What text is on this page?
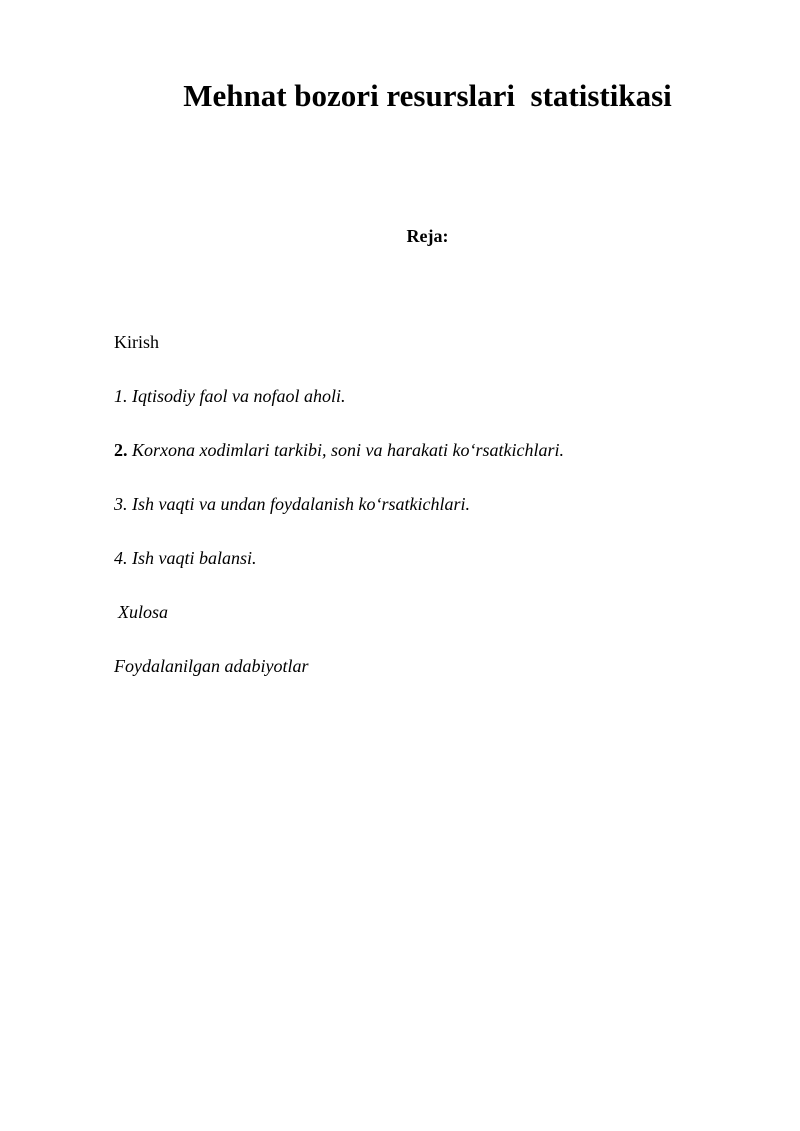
Mehnat bozori resurslari  statistikasi
Reja:
Kirish
1. Iqtisodiy faol va nofaol aholi.
2. Korxona xodimlari tarkibi, soni va harakati ko‘rsatkichlari.
3. Ish vaqti va undan foydalanish ko‘rsatkichlari.
4. Ish vaqti balansi.
Xulosa
Foydalanilgan adabiyotlar
